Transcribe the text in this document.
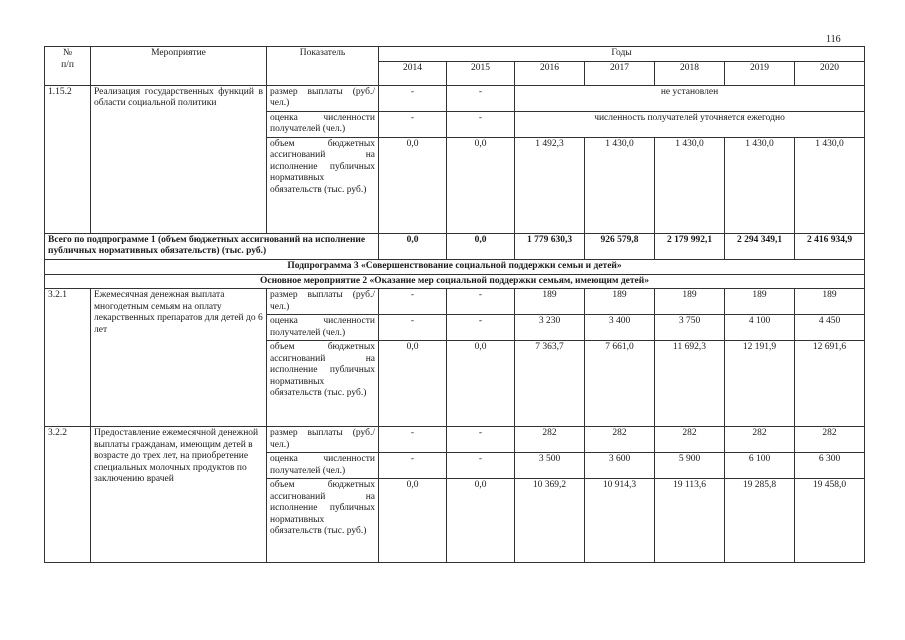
116
№
п/п	Мероприятие	Показатель	Годы						
			2014	2015	2016	2017	2018	2019	2020
1.15.2	Реализация государственных функций в области социальной политики	размер выплаты (руб./ чел.)	-	-	не установлен				
		оценка численности получателей (чел.)	-	-	численность получателей уточняется ежегодно				
		объем бюджетных ассигнований на исполнение публичных нормативных обязательств (тыс. руб.)	0,0	0,0	1 492,3	1 430,0	1 430,0	1 430,0	1 430,0
Всего по подпрограмме 1 (объем бюджетных ассигнований на исполнение публичных нормативных обязательств) (тыс. руб.)			0,0	0,0	1 779 630,3	926 579,8	2 179 992,1	2 294 349,1	2 416 934,9
Подпрограмма 3 «Совершенствование социальной поддержки семьи и детей»									
Основное мероприятие 2 «Оказание мер социальной поддержки семьям, имеющим детей»									
3.2.1	Ежемесячная денежная выплата многодетным семьям на оплату лекарственных препаратов для детей до 6 лет	размер выплаты (руб./ чел.)	-	-	189	189	189	189	189
		оценка численности получателей (чел.)	-	-	3 230	3 400	3 750	4 100	4 450
		объем бюджетных ассигнований на исполнение публичных нормативных обязательств (тыс. руб.)	0,0	0,0	7 363,7	7 661,0	11 692,3	12 191,9	12 691,6
3.2.2	Предоставление ежемесячной денежной выплаты гражданам, имеющим детей в возрасте до трех лет, на приобретение специальных молочных продуктов по заключению врачей	размер выплаты (руб./ чел.)	-	-	282	282	282	282	282
		оценка численности получателей (чел.)	-	-	3 500	3 600	5 900	6 100	6 300
		объем бюджетных ассигнований на исполнение публичных нормативных обязательств (тыс. руб.)	0,0	0,0	10 369,2	10 914,3	19 113,6	19 285,8	19 458,0
